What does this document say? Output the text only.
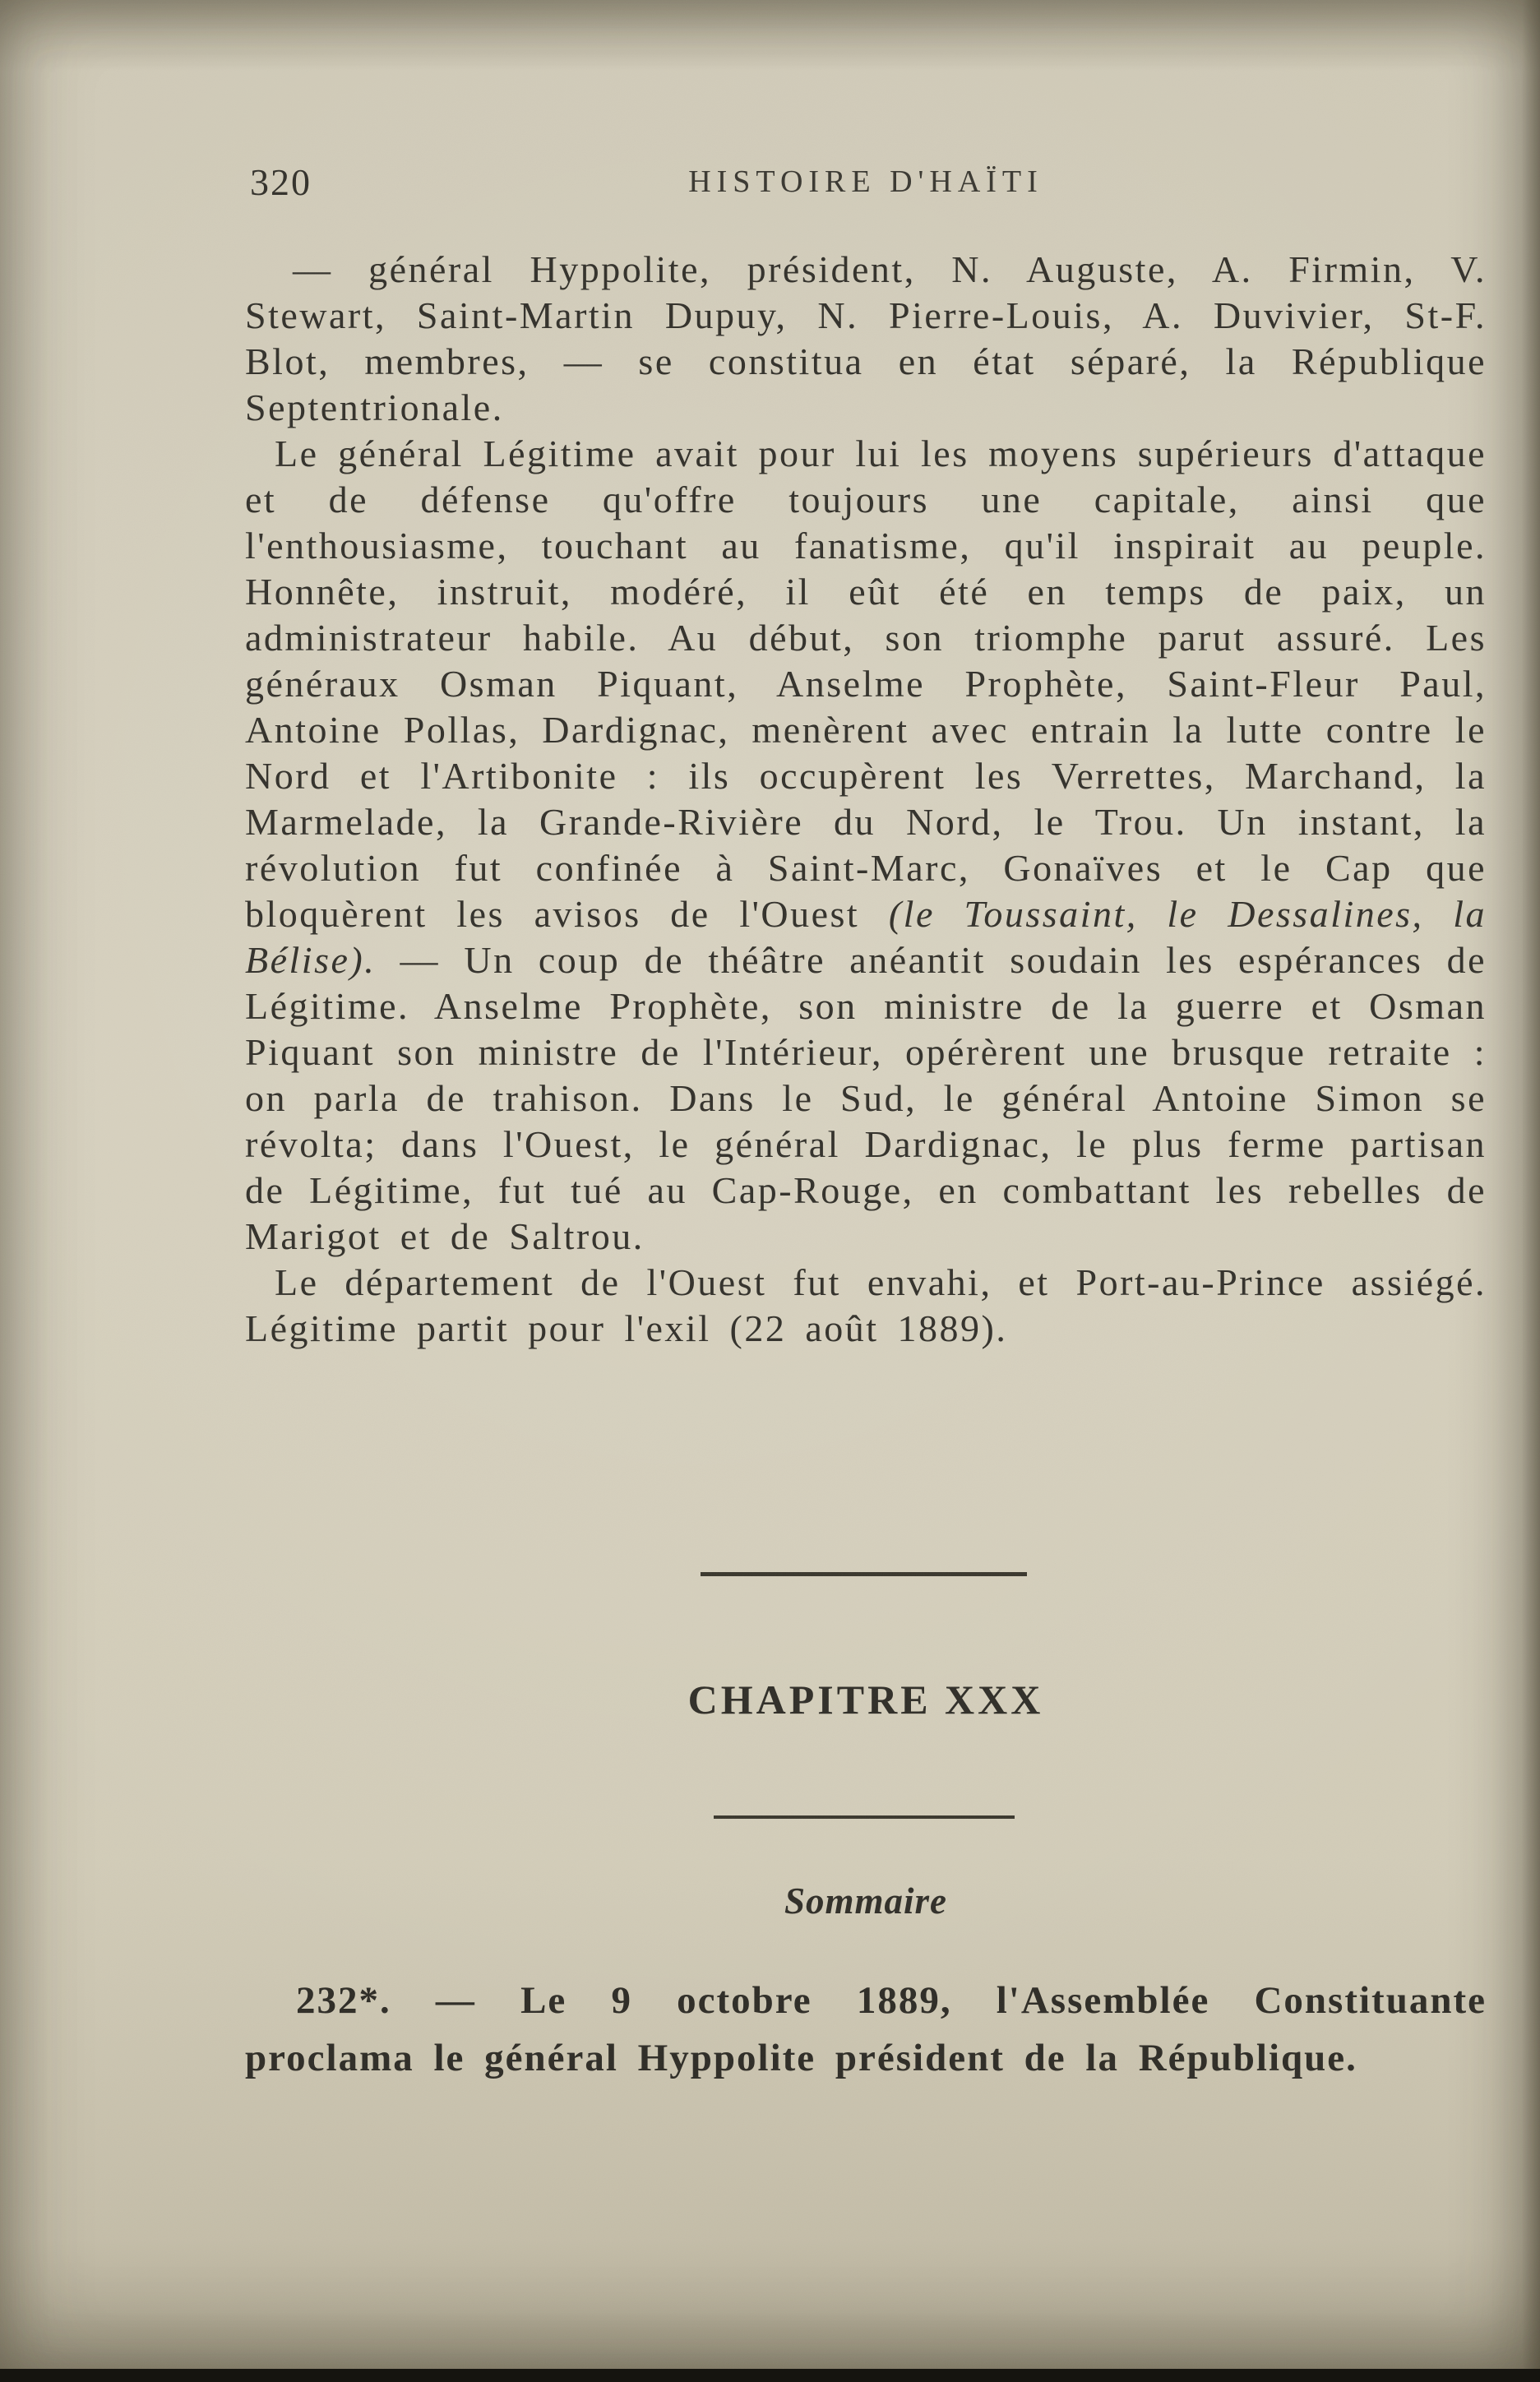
320	HISTOIRE D'HAÏTI

— général Hyppolite, président, N. Auguste, A. Firmin, V. Stewart, Saint-Martin Dupuy, N. Pierre-Louis, A. Duvivier, St-F. Blot, membres, — se constitua en état séparé, la République Septentrionale.

Le général Légitime avait pour lui les moyens supérieurs d'attaque et de défense qu'offre toujours une capitale, ainsi que l'enthousiasme, touchant au fanatisme, qu'il inspirait au peuple. Honnête, instruit, modéré, il eût été en temps de paix, un administrateur habile. Au début, son triomphe parut assuré. Les généraux Osman Piquant, Anselme Prophète, Saint-Fleur Paul, Antoine Pollas, Dardignac, menèrent avec entrain la lutte contre le Nord et l'Artibonite : ils occupèrent les Verrettes, Marchand, la Marmelade, la Grande-Rivière du Nord, le Trou. Un instant, la révolution fut confinée à Saint-Marc, Gonaïves et le Cap que bloquèrent les avisos de l'Ouest (le Toussaint, le Dessalines, la Bélise). — Un coup de théâtre anéantit soudain les espérances de Légitime. Anselme Prophète, son ministre de la guerre et Osman Piquant son ministre de l'Intérieur, opérèrent une brusque retraite : on parla de trahison. Dans le Sud, le général Antoine Simon se révolta; dans l'Ouest, le général Dardignac, le plus ferme partisan de Légitime, fut tué au Cap-Rouge, en combattant les rebelles de Marigot et de Saltrou.

Le département de l'Ouest fut envahi, et Port-au-Prince assiégé. Légitime partit pour l'exil (22 août 1889).

CHAPITRE XXX
Sommaire

232*. — Le 9 octobre 1889, l'Assemblée Constituante proclama le général Hyppolite président de la République.
